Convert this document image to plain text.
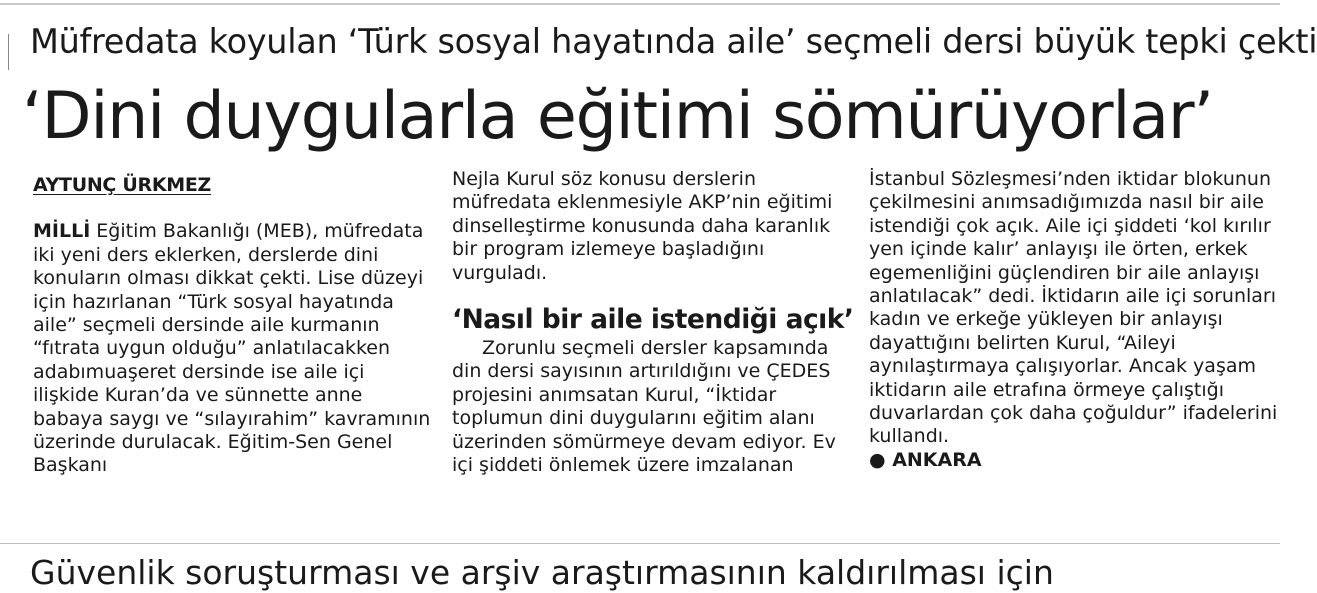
Müfredata koyulan ‘Türk sosyal hayatında aile’ seçmeli dersi büyük tepki çekti
‘Dini duygularla eğitimi sömürüyorlar’
AYTUNÇ ÜRKMEZ

MİLLİ Eğitim Bakanlığı (MEB), müfredata iki yeni ders eklerken, derslerde dini konuların olması dikkat çekti. Lise düzeyi için hazırlanan “Türk sosyal hayatında aile” seçmeli dersinde aile kurmanın “fıtrata uygun olduğu” anlatılacakken adabımuaşeret dersinde ise aile içi ilişkide Kuran’da ve sünnette anne babaya saygı ve “sılayırahim” kavramının üzerinde durulacak. Eğitim-Sen Genel Başkanı

Nejla Kurul söz konusu derslerin müfredata eklenmesiyle AKP’nin eğitimi dinselleştirme konusunda daha karanlık bir program izlemeye başladığını vurguladı.

‘Nasıl bir aile istendiği açık’

Zorunlu seçmeli dersler kapsamında din dersi sayısının artırıldığını ve ÇEDES projesini anımsatan Kurul, “İktidar toplumun dini duygularını eğitim alanı üzerinden sömürmeye devam ediyor. Ev içi şiddeti önlemek üzere imzalanan

İstanbul Sözleşmesi’nden iktidar blokunun çekilmesini anımsadığımızda nasıl bir aile istendiği çok açık. Aile içi şiddeti ‘kol kırılır yen içinde kalır’ anlayışı ile örten, erkek egemenliğini güçlendiren bir aile anlayışı anlatılacak” dedi. İktidarın aile içi sorunları kadın ve erkeğe yükleyen bir anlayışı dayattığını belirten Kurul, “Aileyi aynılaştırmaya çalışıyorlar. Ancak yaşam iktidarın aile etrafına örmeye çalıştığı duvarlardan çok daha çoğuldur” ifadelerini kullandı.

● ANKARA
Güvenlik soruşturması ve arşiv araştırmasının kaldırılması için
